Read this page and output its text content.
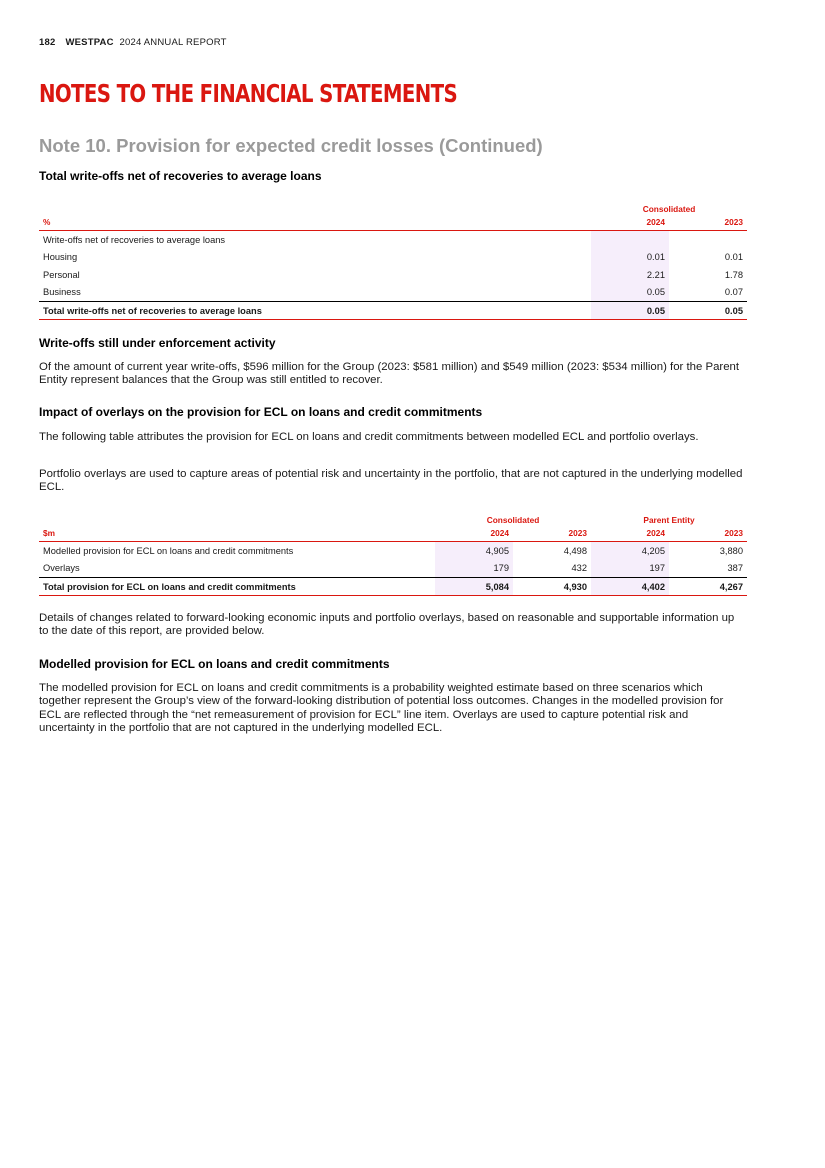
182 WESTPAC 2024 ANNUAL REPORT
NOTES TO THE FINANCIAL STATEMENTS
Note 10. Provision for expected credit losses (Continued)
Total write-offs net of recoveries to average loans
	Consolidated	
%	2024	2023
Write-offs net of recoveries to average loans		
Housing	0.01	0.01
Personal	2.21	1.78
Business	0.05	0.07
Total write-offs net of recoveries to average loans	0.05	0.05
Write-offs still under enforcement activity

Of the amount of current year write-offs, $596 million for the Group (2023: $581 million) and $549 million (2023: $534 million) for the Parent Entity represent balances that the Group was still entitled to recover.

Impact of overlays on the provision for ECL on loans and credit commitments

The following table attributes the provision for ECL on loans and credit commitments between modelled ECL and portfolio overlays.

Portfolio overlays are used to capture areas of potential risk and uncertainty in the portfolio, that are not captured in the underlying modelled ECL.

	Consolidated		Parent Entity	
$m	2024	2023	2024	2023
Modelled provision for ECL on loans and credit commitments	4,905	4,498	4,205	3,880
Overlays	179	432	197	387
Total provision for ECL on loans and credit commitments	5,084	4,930	4,402	4,267

Details of changes related to forward-looking economic inputs and portfolio overlays, based on reasonable and supportable information up to the date of this report, are provided below.

Modelled provision for ECL on loans and credit commitments

The modelled provision for ECL on loans and credit commitments is a probability weighted estimate based on three scenarios which together represent the Group’s view of the forward-looking distribution of potential loss outcomes. Changes in the modelled provision for ECL are reflected through the “net remeasurement of provision for ECL” line item. Overlays are used to capture potential risk and uncertainty in the portfolio that are not captured in the underlying modelled ECL.
